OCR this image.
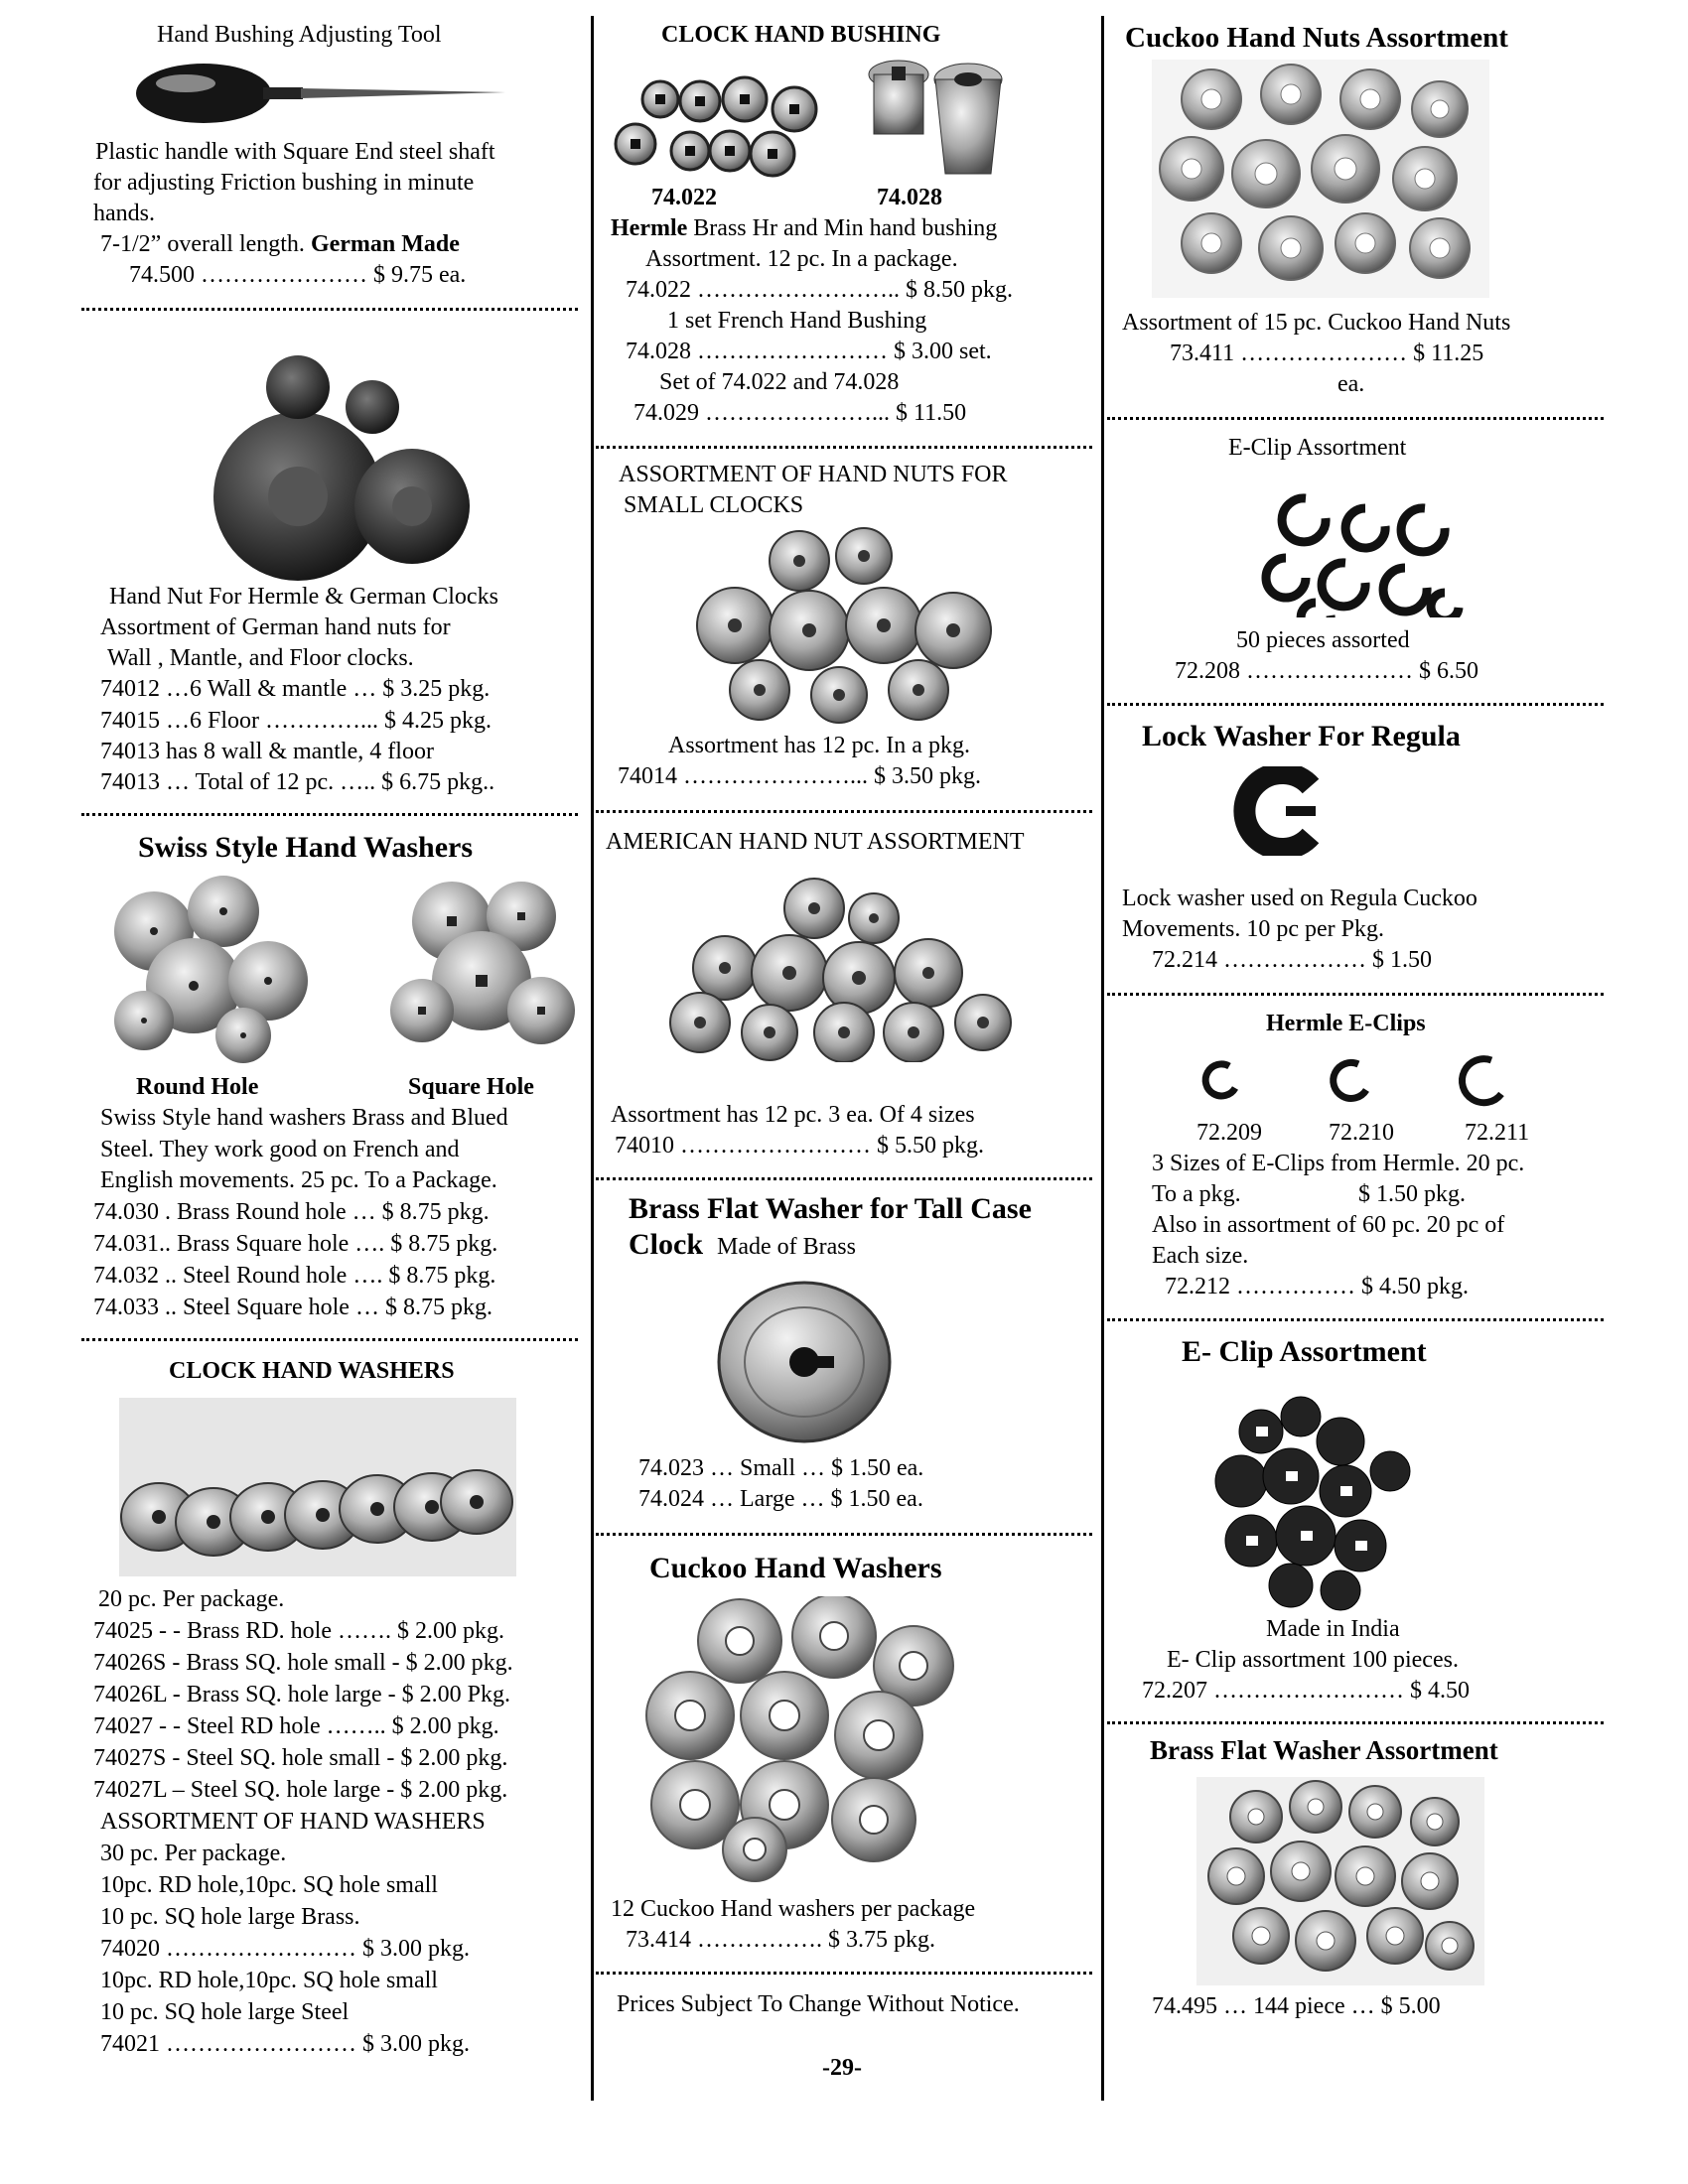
Hand Bushing Adjusting Tool
Plastic handle with Square End steel shaft
for adjusting Friction bushing in minute
hands.
7-1/2” overall length. German Made
74.500 ………………… $ 9.75 ea.
Hand Nut For Hermle & German Clocks
Assortment of German hand nuts for
Wall , Mantle, and Floor clocks.
74012 …6 Wall & mantle … $ 3.25 pkg.
74015 …6 Floor …………... $ 4.25 pkg.
74013 has 8 wall & mantle, 4 floor
74013 … Total of 12 pc. ….. $ 6.75 pkg..
Swiss Style Hand Washers
Round Hole	Square Hole
Swiss Style hand washers Brass and Blued
Steel. They work good on French and
English movements. 25 pc. To a Package.
74.030 . Brass Round hole … $ 8.75 pkg.
74.031.. Brass Square hole …. $ 8.75 pkg.
74.032 .. Steel Round hole …. $ 8.75 pkg.
74.033 .. Steel Square hole … $ 8.75 pkg.
CLOCK HAND WASHERS
20 pc. Per package.
74025 - - Brass RD. hole ……. $ 2.00 pkg.
74026S - Brass SQ. hole small - $ 2.00 pkg.
74026L - Brass SQ. hole large - $ 2.00 Pkg.
74027 - - Steel RD hole …….. $ 2.00 pkg.
74027S - Steel SQ. hole small - $ 2.00 pkg.
74027L – Steel SQ. hole large - $ 2.00 pkg.
ASSORTMENT OF HAND WASHERS
30 pc. Per package.
10pc. RD hole,10pc. SQ hole small
10 pc. SQ hole large Brass.
74020 …………………… $ 3.00 pkg.
10pc. RD hole,10pc. SQ hole small
10 pc. SQ hole large Steel
74021 …………………… $ 3.00 pkg.
CLOCK HAND BUSHING
74.022	74.028
Hermle Brass Hr and Min hand bushing
Assortment. 12 pc. In a package.
74.022 …………………….. $ 8.50 pkg.
1 set French Hand Bushing
74.028 …………………… $ 3.00 set.
Set of 74.022 and 74.028
74.029 …………………... $ 11.50
ASSORTMENT OF HAND NUTS FOR
SMALL CLOCKS
Assortment has 12 pc. In a pkg.
74014 …………………... $ 3.50 pkg.
AMERICAN HAND NUT ASSORTMENT
Assortment has 12 pc. 3 ea. Of 4 sizes
74010 …………………… $ 5.50 pkg.
Brass Flat Washer for Tall Case
Clock Made of Brass
74.023 … Small … $ 1.50 ea.
74.024 … Large … $ 1.50 ea.
Cuckoo Hand Washers
12 Cuckoo Hand washers per package
73.414 ……………. $ 3.75 pkg.
Prices Subject To Change Without Notice.
-29-
Cuckoo Hand Nuts Assortment
Assortment of 15 pc. Cuckoo Hand Nuts
73.411 ………………… $ 11.25
ea.
E-Clip Assortment
50 pieces assorted
72.208 ………………… $ 6.50
Lock Washer For Regula
Lock washer used on Regula Cuckoo
Movements. 10 pc per Pkg.
72.214 ……………… $ 1.50
Hermle E-Clips
72.209	72.210	72.211
3 Sizes of E-Clips from Hermle. 20 pc.
To a pkg.	$ 1.50 pkg.
Also in assortment of 60 pc. 20 pc of
Each size.
72.212 …………… $ 4.50 pkg.
E- Clip Assortment
Made in India
E- Clip assortment 100 pieces.
72.207 …………………… $ 4.50
Brass Flat Washer Assortment
74.495 … 144 piece … $ 5.00
